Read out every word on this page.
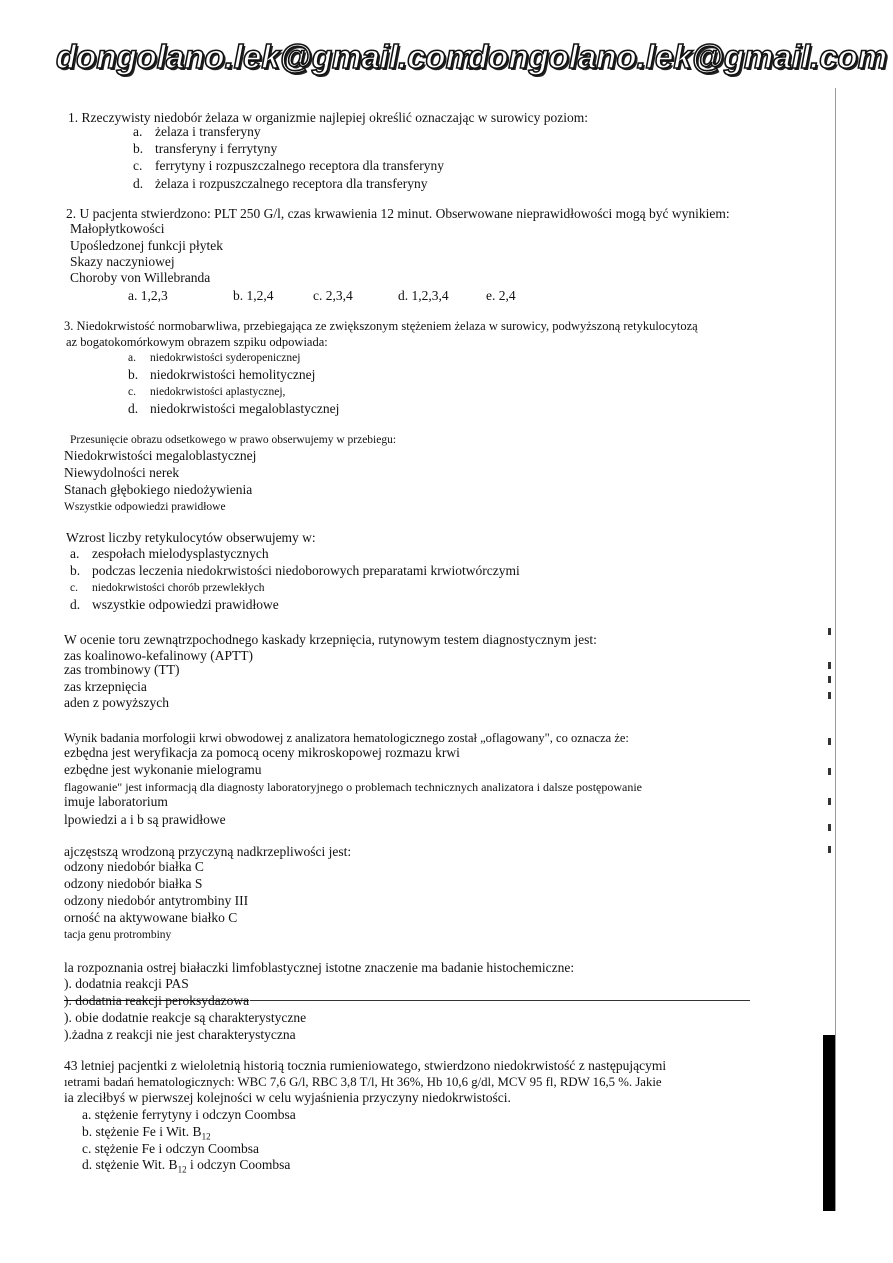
dongolano.lek@gmail.com
dongolano.lek@gmail.com
1. Rzeczywisty niedobór żelaza w organizmie najlepiej określić oznaczając w surowicy poziom:
a. żelaza i transferyny
b. transferyny i ferrytyny
c. ferrytyny i rozpuszczalnego receptora dla transferyny
d. żelaza i rozpuszczalnego receptora dla transferyny
2. U pacjenta stwierdzono: PLT 250 G/l, czas krwawienia 12 minut. Obserwowane nieprawidłowości mogą być wynikiem:
Małopłytkowości
Upośledzonej funkcji płytek
Skazy naczyniowej
Choroby von Willebranda
a. 1,2,3	b. 1,2,4	c. 2,3,4	d. 1,2,3,4	e. 2,4
3. Niedokrwistość normobarwliwa, przebiegająca ze zwiększonym stężeniem żelaza w surowicy, podwyższoną retykulocytozą
az bogatokomórkowym obrazem szpiku odpowiada:
a. niedokrwistości syderopenicznej
b. niedokrwistości hemolitycznej
c. niedokrwistości aplastycznej,
d. niedokrwistości megaloblastycznej
Przesunięcie obrazu odsetkowego w prawo obserwujemy w przebiegu:
Niedokrwistości megaloblastycznej
Niewydolności nerek
Stanach głębokiego niedożywienia
Wszystkie odpowiedzi prawidłowe
Wzrost liczby retykulocytów obserwujemy w:
a. zespołach mielodysplastycznych
b. podczas leczenia niedokrwistości niedoborowych preparatami krwiotwórczymi
c. niedokrwistości chorób przewlekłych
d. wszystkie odpowiedzi prawidłowe
W ocenie toru zewnątrzpochodnego kaskady krzepnięcia, rutynowym testem diagnostycznym jest:
zas koalinowo-kefalinowy (APTT)
zas trombinowy (TT)
zas krzepnięcia
aden z powyższych
Wynik badania morfologii krwi obwodowej z analizatora hematologicznego został „oflagowany", co oznacza że:
ezbędna jest weryfikacja za pomocą oceny mikroskopowej rozmazu krwi
ezbędne jest wykonanie mielogramu
flagowanie" jest informacją dla diagnosty laboratoryjnego o problemach technicznych analizatora i dalsze postępowanie
imuje laboratorium
lpowiedzi a i b są prawidłowe
ajczęstszą wrodzoną przyczyną nadkrzepliwości jest:
odzony niedobór białka C
odzony niedobór białka S
odzony niedobór antytrombiny III
orność na aktywowane białko C
tacja genu protrombiny
la rozpoznania ostrej białaczki limfoblastycznej istotne znaczenie ma badanie histochemiczne:
). dodatnia reakcji PAS
). dodatnia reakcji peroksydazowa
). obie dodatnie reakcje są charakterystyczne
).żadna z reakcji nie jest charakterystyczna
43 letniej pacjentki z wieloletnią historią tocznia rumieniowatego, stwierdzono niedokrwistość z następującymi
ıetrami badań hematologicznych: WBC 7,6 G/l, RBC 3,8 T/l, Ht 36%, Hb 10,6 g/dl, MCV 95 fl, RDW 16,5 %. Jakie
ia zleciłbyś w pierwszej kolejności w celu wyjaśnienia przyczyny niedokrwistości.
a. stężenie ferrytyny i odczyn Coombsa
b. stężenie Fe i Wit. $B_{12}$
c. stężenie Fe i odczyn Coombsa
d. stężenie Wit. $B_{12}$ i odczyn Coombsa
